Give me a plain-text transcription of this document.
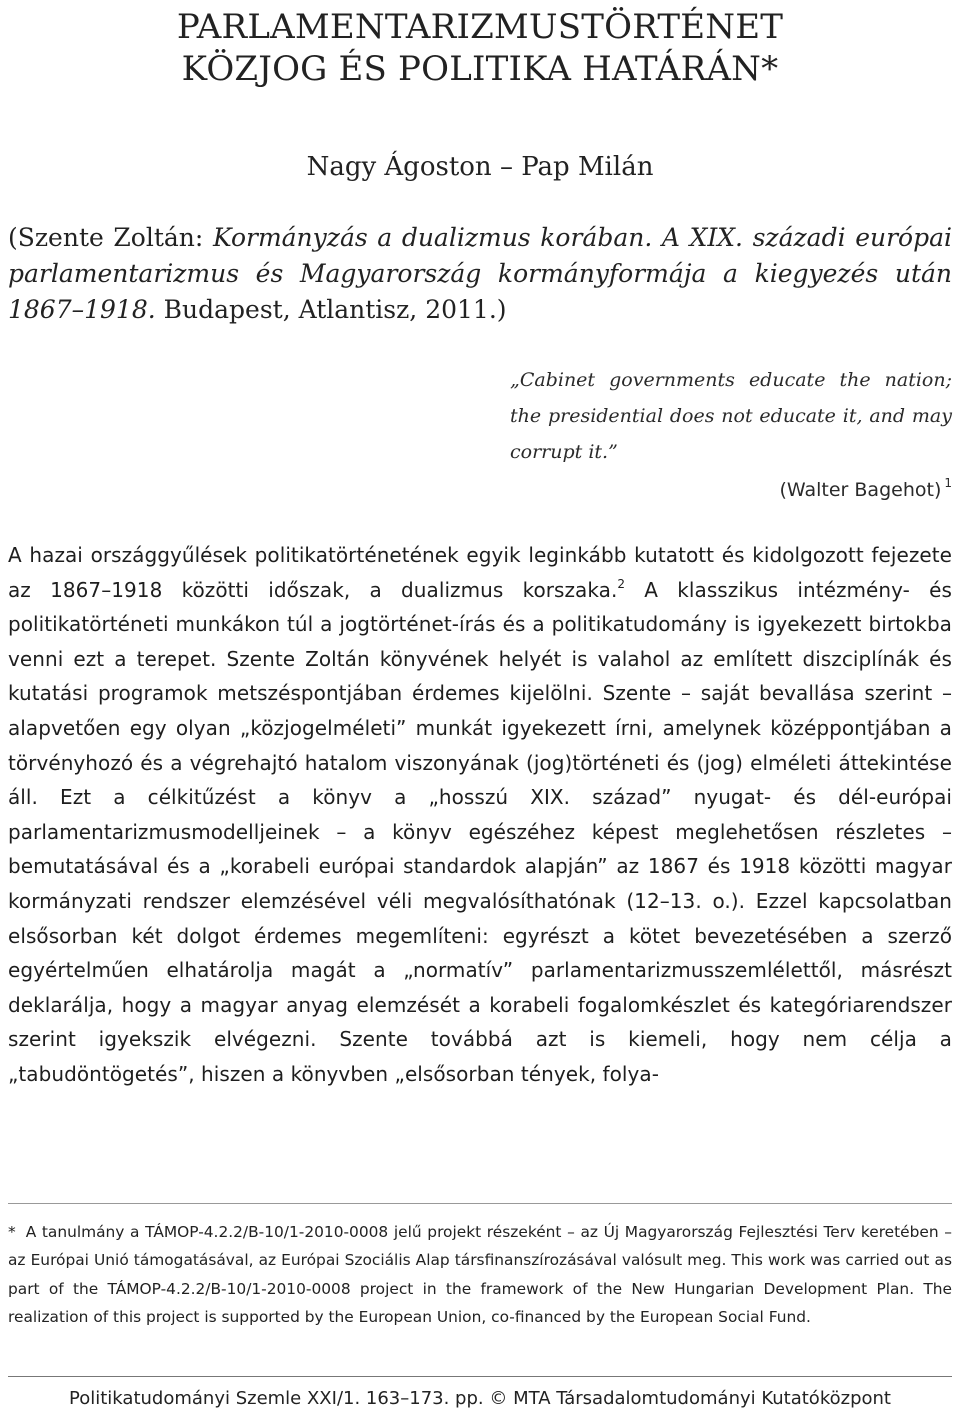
PARLAMENTARIZMUSTÖRTÉNET
KÖZJOG ÉS POLITIKA HATÁRÁN*
Nagy Ágoston – Pap Milán
(Szente Zoltán: Kormányzás a dualizmus korában. A XIX. századi európai parlamentarizmus és Magyarország kormányformája a kiegyezés után 1867–1918. Budapest, Atlantisz, 2011.)
„Cabinet governments educate the nation; the presidential does not educate it, and may corrupt it.”
(Walter Bagehot) $^1$
A hazai országgyűlések politikatörténetének egyik leginkább kutatott és kidolgozott fejezete az 1867–1918 közötti időszak, a dualizmus korszaka.$^2$ A klasszikus intézmény- és politikatörténeti munkákon túl a jogtörténet-írás és a politikatudomány is igyekezett birtokba venni ezt a terepet. Szente Zoltán könyvének helyét is valahol az említett diszciplínák és kutatási programok metszéspontjában érdemes kijelölni. Szente – saját bevallása szerint – alapvetően egy olyan „közjogelméleti” munkát igyekezett írni, amelynek középpontjában a törvényhozó és a végrehajtó hatalom viszonyának (jog)történeti és (jog) elméleti áttekintése áll. Ezt a célkitűzést a könyv a „hosszú XIX. század” nyugat- és dél-európai parlamentarizmusmodelljeinek – a könyv egészéhez képest meglehetősen részletes – bemutatásával és a „korabeli európai standardok alapján” az 1867 és 1918 közötti magyar kormányzati rendszer elemzésével véli megvalósíthatónak (12–13. o.). Ezzel kapcsolatban elsősorban két dolgot érdemes megemlíteni: egyrészt a kötet bevezetésében a szerző egyértelműen elhatárolja magát a „normatív” parlamentarizmusszemlélettől, másrészt deklarálja, hogy a magyar anyag elemzését a korabeli fogalomkészlet és kategóriarendszer szerint igyekszik elvégezni. Szente továbbá azt is kiemeli, hogy nem célja a „tabudöntögetés”, hiszen a könyvben „elsősorban tények, folya-
* A tanulmány a TÁMOP-4.2.2/B-10/1-2010-0008 jelű projekt részeként – az Új Magyarország Fejlesztési Terv keretében – az Európai Unió támogatásával, az Európai Szociális Alap társfinanszírozásával valósult meg. This work was carried out as part of the TÁMOP-4.2.2/B-10/1-2010-0008 project in the framework of the New Hungarian Development Plan. The realization of this project is supported by the European Union, co-financed by the European Social Fund.
Politikatudományi Szemle XXI/1. 163–173. pp. © MTA Társadalomtudományi Kutatóközpont
